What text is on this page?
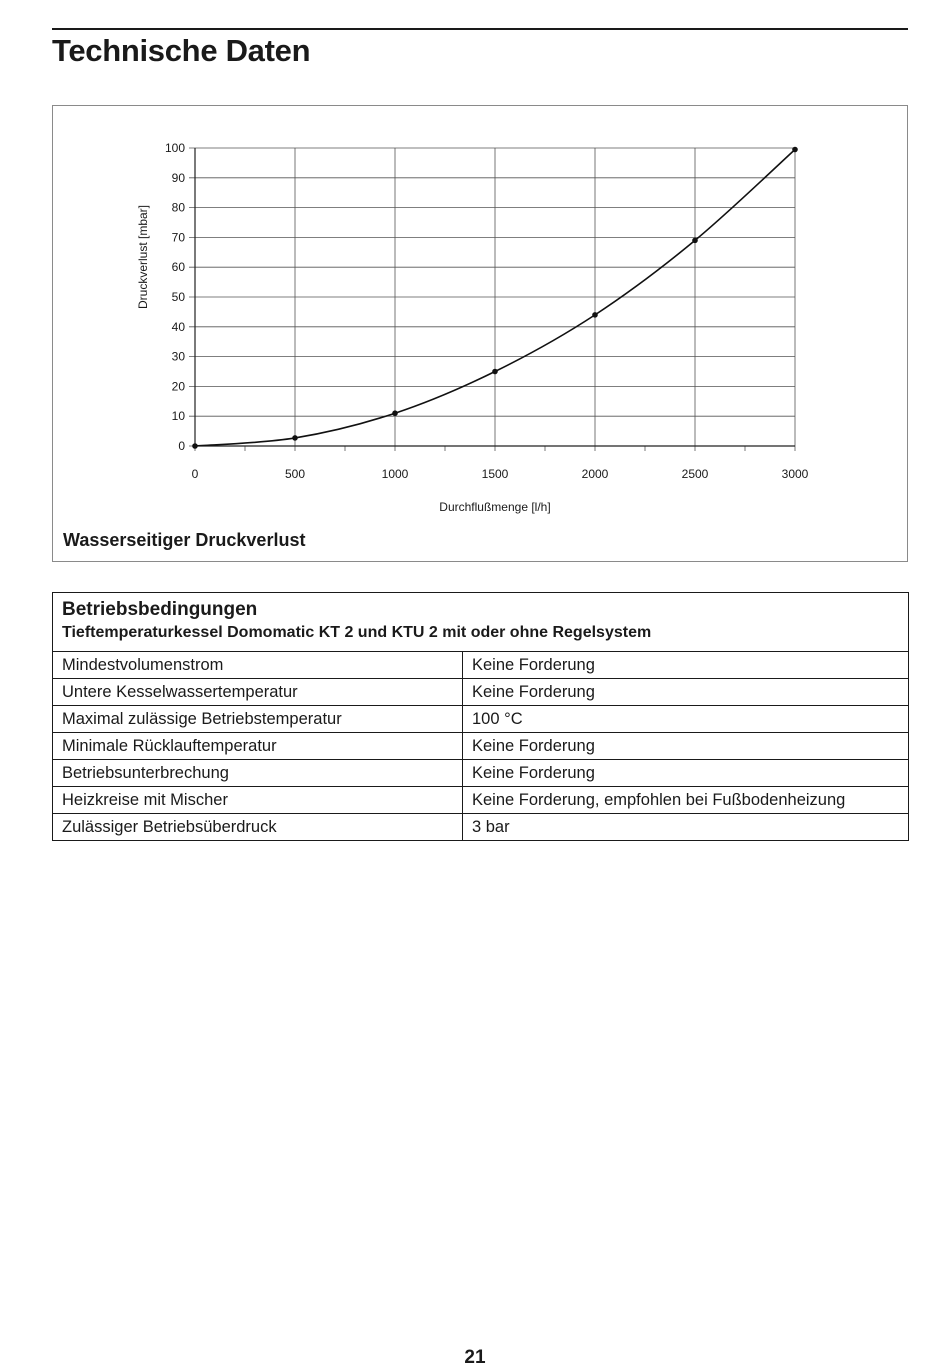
Technische Daten
0
10
20
30
40
50
60
70
80
90
100
0	500	1000	1500	2000	2500	3000
Durchflußmenge [l/h]
Druckverlust [mbar]

Wasserseitiger Druckverlust

Betriebsbedingungen
Tieftemperaturkessel Domomatic KT 2 und KTU 2 mit oder ohne Regelsystem	

Mindestvolumenstrom	Keine Forderung
Untere Kesselwassertemperatur	Keine Forderung
Maximal zulässige Betriebstemperatur	100 °C
Minimale Rücklauftemperatur	Keine Forderung
Betriebsunterbrechung	Keine Forderung
Heizkreise mit Mischer	Keine Forderung, empfohlen bei Fußbodenheizung
Zulässiger Betriebsüberdruck	3 bar
21
